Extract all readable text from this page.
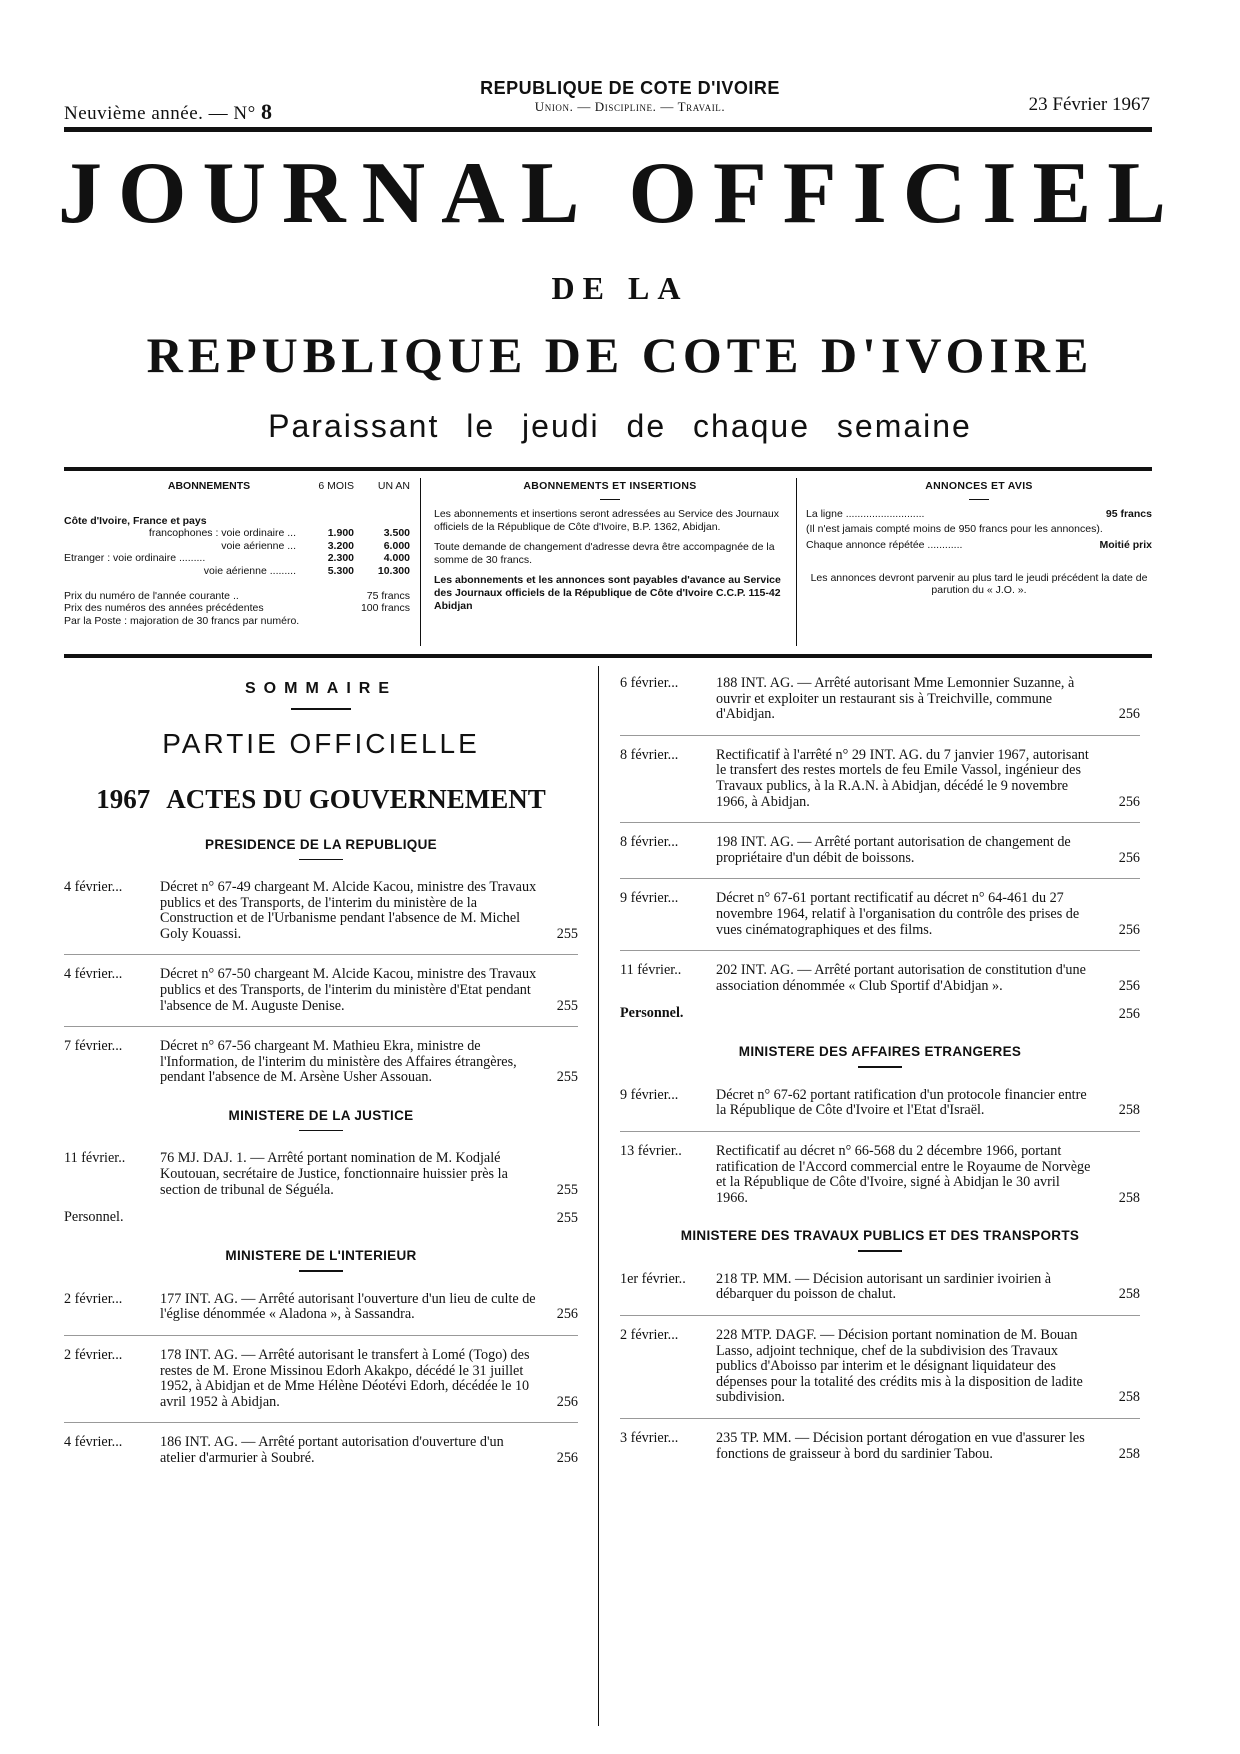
Neuvième année. — N° 8
REPUBLIQUE DE COTE D'IVOIRE
Union. — Discipline. — Travail.	23 Février 1967
JOURNAL OFFICIEL
DE LA
REPUBLIQUE DE COTE D'IVOIRE
Paraissant le jeudi de chaque semaine
ABONNEMENTS	6 MOIS	UN AN
Côte d'Ivoire, France et pays
francophones : voie ordinaire ...	1.900	3.500
voie aérienne ...	3.200	6.000
Etranger : voie ordinaire .........	2.300	4.000
voie aérienne .........	5.300	10.300
Prix du numéro de l'année courante ..	75 francs
Prix des numéros des années précédentes	100 francs
Par la Poste : majoration de 30 francs par numéro.
ABONNEMENTS ET INSERTIONS
Les abonnements et insertions seront adressées au Service des Journaux officiels de la République de Côte d'Ivoire, B.P. 1362, Abidjan.
Toute demande de changement d'adresse devra être accompagnée de la somme de 30 francs.
Les abonnements et les annonces sont payables d'avance au Service des Journaux officiels de la République de Côte d'Ivoire C.C.P. 115-42 Abidjan
ANNONCES ET AVIS
La ligne ...........................	95 francs
(Il n'est jamais compté moins de 950 francs pour les annonces).
Chaque annonce répétée ............	Moitié prix
Les annonces devront parvenir au plus tard le jeudi précédent la date de parution du « J.O. ».
SOMMAIRE
PARTIE OFFICIELLE
1967 ACTES DU GOUVERNEMENT
PRESIDENCE DE LA REPUBLIQUE
4 février...	Décret n° 67-49 chargeant M. Alcide Kacou, ministre des Travaux publics et des Transports, de l'interim du ministère de la Construction et de l'Urbanisme pendant l'absence de M. Michel Goly Kouassi.	255
4 février...	Décret n° 67-50 chargeant M. Alcide Kacou, ministre des Travaux publics et des Transports, de l'interim du ministère d'Etat pendant l'absence de M. Auguste Denise.	255
7 février...	Décret n° 67-56 chargeant M. Mathieu Ekra, ministre de l'Information, de l'interim du ministère des Affaires étrangères, pendant l'absence de M. Arsène Usher Assouan.	255
MINISTERE DE LA JUSTICE
11 février.. 76 MJ. DAJ. 1. — Arrêté portant nomination de M. Kodjalé Koutouan, secrétaire de Justice, fonctionnaire huissier près la section de tribunal de Séguéla.	255
Personnel.	255
MINISTERE DE L'INTERIEUR
2 février...	177 INT. AG. — Arrêté autorisant l'ouverture d'un lieu de culte de l'église dénommée « Aladona », à Sassandra.	256
2 février...	178 INT. AG. — Arrêté autorisant le transfert à Lomé (Togo) des restes de M. Erone Missinou Edorh Akakpo, décédé le 31 juillet 1952, à Abidjan et de Mme Hélène Déotévi Edorh, décédée le 10 avril 1952 à Abidjan.	256
4 février...	186 INT. AG. — Arrêté portant autorisation d'ouverture d'un atelier d'armurier à Soubré.	256
6 février...	188 INT. AG. — Arrêté autorisant Mme Lemonnier Suzanne, à ouvrir et exploiter un restaurant sis à Treichville, commune d'Abidjan.	256
8 février...	Rectificatif à l'arrêté n° 29 INT. AG. du 7 janvier 1967, autorisant le transfert des restes mortels de feu Emile Vassol, ingénieur des Travaux publics, à la R.A.N. à Abidjan, décédé le 9 novembre 1966, à Abidjan.	256
8 février...	198 INT. AG. — Arrêté portant autorisation de changement de propriétaire d'un débit de boissons.	256
9 février...	Décret n° 67-61 portant rectificatif au décret n° 64-461 du 27 novembre 1964, relatif à l'organisation du contrôle des prises de vues cinématographiques et des films.	256
11 février.. 202 INT. AG. — Arrêté portant autorisation de constitution d'une association dénommée « Club Sportif d'Abidjan ».	256
Personnel.	256
MINISTERE DES AFFAIRES ETRANGERES
9 février...	Décret n° 67-62 portant ratification d'un protocole financier entre la République de Côte d'Ivoire et l'Etat d'Israël.	258
13 février.. Rectificatif au décret n° 66-568 du 2 décembre 1966, portant ratification de l'Accord commercial entre le Royaume de Norvège et la République de Côte d'Ivoire, signé à Abidjan le 30 avril 1966.	258
MINISTERE DES TRAVAUX PUBLICS ET DES TRANSPORTS
1er février.. 218 TP. MM. — Décision autorisant un sardinier ivoirien à débarquer du poisson de chalut.	258
2 février...	228 MTP. DAGF. — Décision portant nomination de M. Bouan Lasso, adjoint technique, chef de la subdivision des Travaux publics d'Aboisso par interim et le désignant liquidateur des dépenses pour la totalité des crédits mis à la disposition de ladite subdivision.	258
3 février...	235 TP. MM. — Décision portant dérogation en vue d'assurer les fonctions de graisseur à bord du sardinier Tabou.	258
